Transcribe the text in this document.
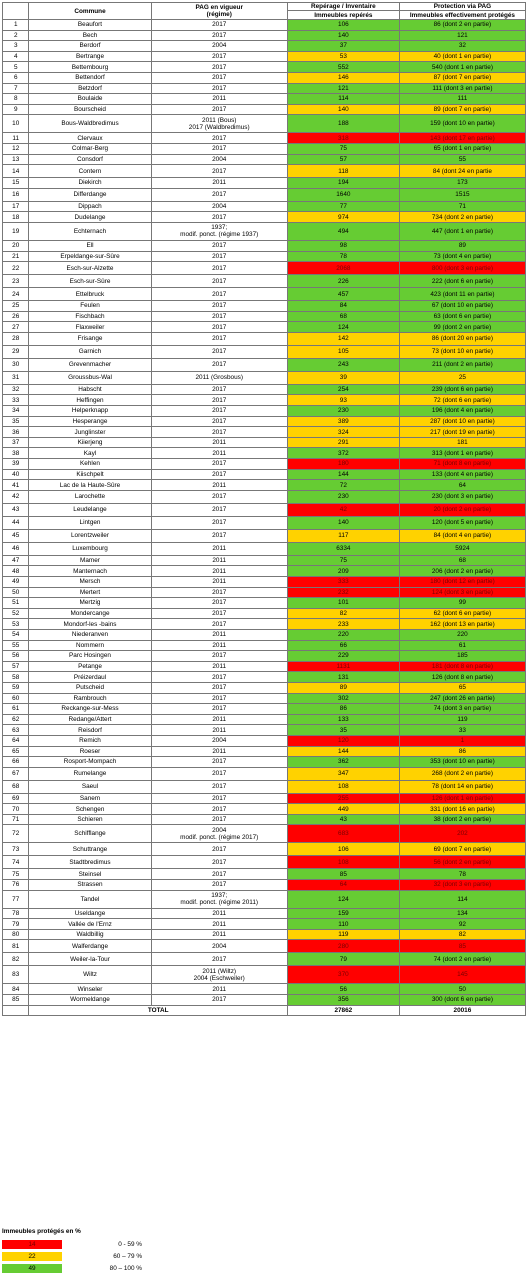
	Commune	PAG en vigueur
(régime)	Repérage / Inventaire	Protection via PAG
			Immeubles repérés	Immeubles effectivement protégés
1	Beaufort	2017	106	86 (dont 2 en partie)
2	Bech	2017	140	121
3	Berdorf	2004	37	32
4	Bertrange	2017	53	40 (dont 1 en partie)
5	Bettembourg	2017	552	540 (dont 1 en partie)
6	Bettendorf	2017	146	87 (dont 7 en partie)
7	Betzdorf	2017	121	111 (dont 3 en partie)
8	Boulaide	2011	114	111
9	Bourscheid	2017	140	89 (dont 7 en partie)
10	Bous-Waldbredimus	2011 (Bous)
2017 (Waldbredimus)	188	159 (dont 10 en partie)
11	Clervaux	2017	318	143 (dont 17 en partie)
12	Colmar-Berg	2017	75	65 (dont 1 en partie)
13	Consdorf	2004	57	55
14	Contern	2017	118	84 (dont 24 en partie
15	Diekirch	2011	194	173
16	Differdange	2017	1640	1515
17	Dippach	2004	77	71
18	Dudelange	2017	974	734 (dont 2 en partie)
19	Echternach	1937;
modif. ponct. (régime 1937)	494	447 (dont 1 en partie)
20	Ell	2017	98	89
21	Erpeldange-sur-Sûre	2017	78	73 (dont 4 en partie)
22	Esch-sur-Alzette	2017	2068	800 (dont 3 en partie)
23	Esch-sur-Sûre	2017	226	222 (dont 6 en partie)
24	Ettelbruck	2017	457	423 (dont 11 en partie)
25	Feulen	2017	84	67 (dont 10 en partie)
26	Fischbach	2017	68	63 (dont 6 en partie)
27	Flaxweiler	2017	124	99 (dont 2 en partie)
28	Frisange	2017	142	86 (dont 20 en partie)
29	Garnich	2017	105	73 (dont 10 en partie)
30	Grevenmacher	2017	243	211 (dont 2 en partie)
31	Groussbus-Wal	2011 (Grosbous)	39	25
32	Habscht	2017	254	239 (dont 6 en partie)
33	Heffingen	2017	93	72 (dont 6 en partie)
34	Helperknapp	2017	230	196 (dont 4 en partie)
35	Hesperange	2017	389	287 (dont 10 en partie)
36	Junglinster	2017	324	217 (dont 19 en partie)
37	Kiierjeng	2011	291	181
38	Kayl	2011	372	313 (dont 1 en partie)
39	Kehlen	2017	180	71 (dont 8 en partie)
40	Kiischpelt	2017	144	133 (dont 4 en partie)
41	Lac de la Haute-Sûre	2011	72	64
42	Larochette	2017	230	230 (dont 3 en partie)
43	Leudelange	2017	42	20 (dont 2 en partie)
44	Lintgen	2017	140	120 (dont 5 en partie)
45	Lorentzweiler	2017	117	84 (dont 4 en partie)
46	Luxembourg	2011	6334	5924
47	Mamer	2011	75	68
48	Manternach	2011	209	206 (dont 2 en partie)
49	Mersch	2011	333	180 (dont 12 en partie)
50	Mertert	2017	232	124 (dont 3 en partie)
51	Mertzig	2017	101	99
52	Mondercange	2017	82	62 (dont 6 en partie)
53	Mondorf-les -bains	2017	233	162 (dont 13 en partie)
54	Niederanven	2011	220	220
55	Nommern	2011	66	61
56	Parc Hosingen	2017	229	185
57	Petange	2011	1131	181 (dont 8 en partie)
58	Préizerdaul	2017	131	126 (dont 8 en partie)
59	Putscheid	2017	89	65
60	Rambrouch	2017	302	247 (dont 26 en partie)
61	Reckange-sur-Mess	2017	86	74 (dont 3 en partie)
62	Redange/Attert	2011	133	119
63	Reisdorf	2011	35	33
64	Remich	2004	120	1
65	Roeser	2011	144	86
66	Rosport-Mompach	2017	362	353 (dont 10 en partie)
67	Rumelange	2017	347	268 (dont 2 en partie)
68	Saeul	2017	108	78 (dont 14 en partie)
69	Sanem	2017	255	126 (dont 1 en partie)
70	Schengen	2017	449	331 (dont 16 en partie)
71	Schieren	2017	43	38 (dont 2 en partie)
72	Schifflange	2004
modif. ponct. (régime 2017)	683	202
73	Schuttrange	2017	106	69 (dont 7 en partie)
74	Stadtbredimus	2017	108	56 (dont 2 en partie)
75	Steinsel	2017	85	78
76	Strassen	2017	64	32 (dont 3 en partie)
77	Tandel	1937;
modif. ponct. (régime 2011)	124	114
78	Useldange	2011	159	134
79	Vallée de l'Ernz	2011	110	92
80	Waldbillig	2011	119	82
81	Walferdange	2004	280	85
82	Weiler-la-Tour	2017	79	74 (dont 2 en partie)
83	Wiltz	2011 (Wiltz)
2004 (Eschweiler)	370	145
84	Winseler	2011	56	50
85	Wormeldange	2017	356	300 (dont 6 en partie)
	TOTAL		27862	20016
Immeubles protégés en %
14	0 - 59 %
22	60 – 79 %
49	80 – 100 %
